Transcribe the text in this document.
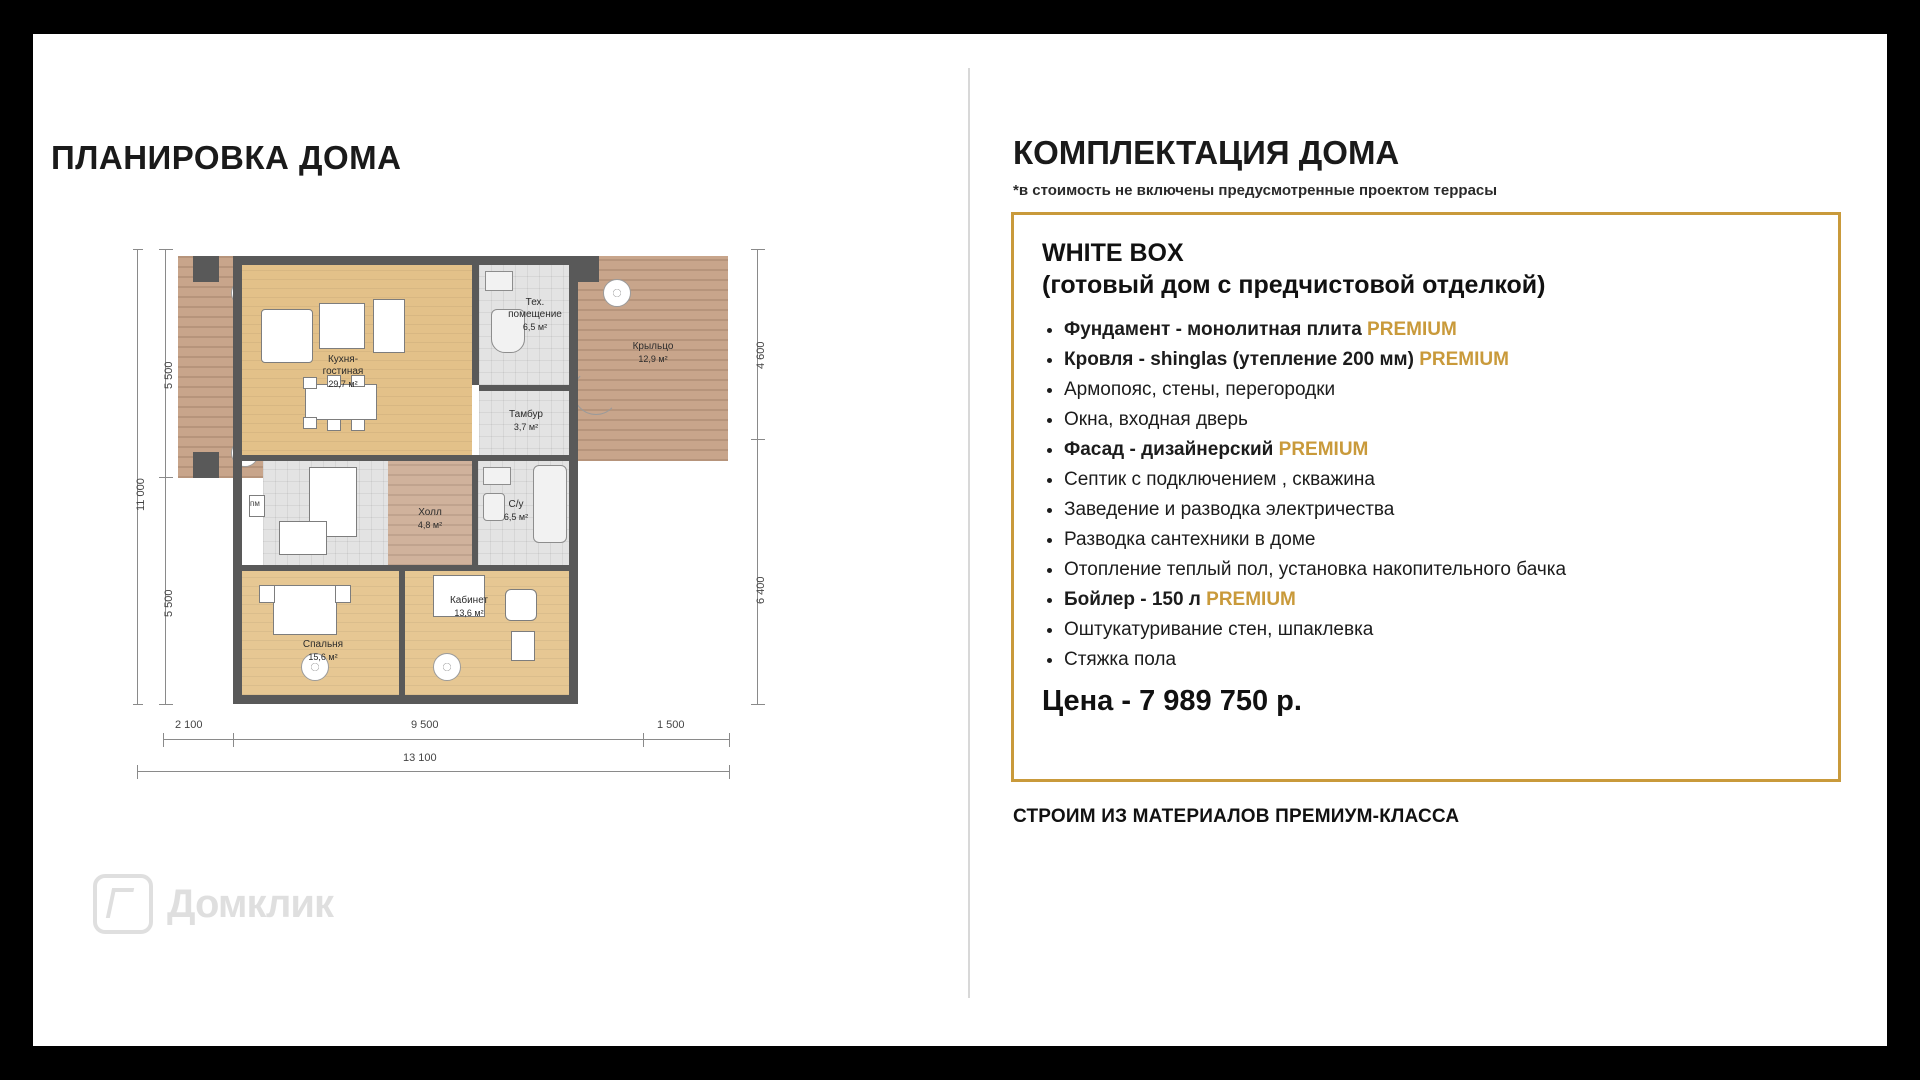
ПЛАНИРОВКА ДОМА
5 500
5 500
11 000
4 600
6 400
2 100	9 500	1 500
13 100
Крыльцо
12,9 м²
Кухня-
гостиная
29,7 м²
Тех.
помещение
6,5 м²
Тамбур
3,7 м²
пм
Холл
4,8 м²
С/у
6,5 м²
Спальня
15,6 м²
Кабинет
13,6 м²
Домклик
КОМПЛЕКТАЦИЯ ДОМА
*в стоимость не включены предусмотренные проектом террасы
WHITE BOX
(готовый дом с предчистовой отделкой)
Фундамент - монолитная плита PREMIUM
Кровля - shinglas (утепление 200 мм) PREMIUM
Армопояс, стены, перегородки
Окна, входная дверь
Фасад - дизайнерский PREMIUM
Септик с подключением , скважина
Заведение и разводка электричества
Разводка сантехники в доме
Отопление теплый пол, установка накопительного бачка
Бойлер - 150 л PREMIUM
Оштукатуривание стен, шпаклевка
Стяжка пола
Цена - 7 989 750 р.
СТРОИМ ИЗ МАТЕРИАЛОВ ПРЕМИУМ-КЛАССА
